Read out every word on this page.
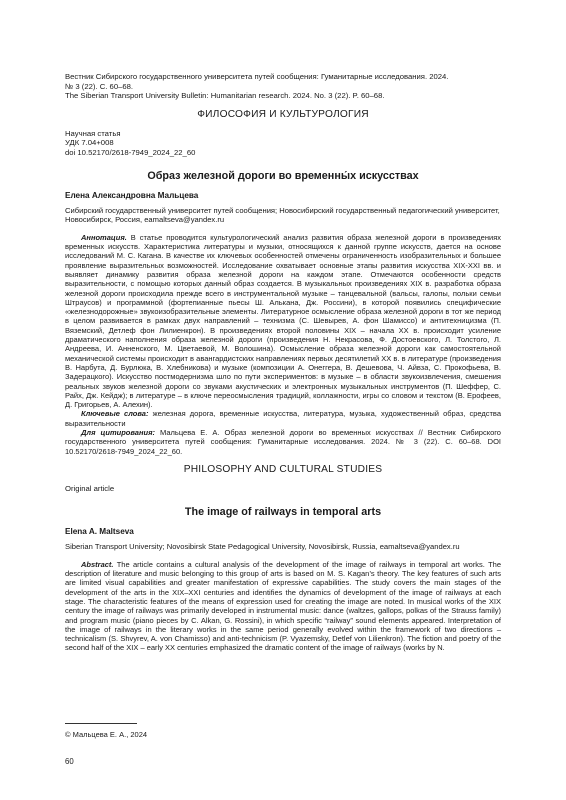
Вестник Сибирского государственного университета путей сообщения: Гуманитарные исследования. 2024.
№ 3 (22). С. 60–68.
The Siberian Transport University Bulletin: Humanitarian research. 2024. No. 3 (22). P. 60–68.
ФИЛОСОФИЯ И КУЛЬТУРОЛОГИЯ
Научная статья
УДК 7.04+008
doi 10.52170/2618-7949_2024_22_60
Образ железной дороги во временны́х искусствах
Елена Александровна Мальцева
Сибирский государственный университет путей сообщения; Новосибирский государственный педагогический университет, Новосибирск, Россия, eamaltseva@yandex.ru
Аннотация. В статье проводится культурологический анализ развития образа железной дороги в произведениях временных искусств. Характеристика литературы и музыки, относящихся к данной группе искусств, дается на основе исследований М. С. Кагана. В качестве их ключевых особенностей отмечены ограниченность изобразительных и большее проявление выразительных возможностей. Исследование охватывает основные этапы развития искусства XIX-XXI вв. и выявляет динамику развития образа железной дороги на каждом этапе. Отмечаются особенности средств выразительности, с помощью которых данный образ создается. В музыкальных произведениях XIX в. разработка образа железной дороги происходила прежде всего в инструментальной музыке – танцевальной (вальсы, галопы, польки семьи Штраусов) и программной (фортепианные пьесы Ш. Алькана, Дж. Россини), в которой появились специфические «железнодорожные» звукоизобразительные элементы. Литературное осмысление образа железной дороги в тот же период в целом развивается в рамках двух направлений – технизма (С. Шевырев, А. фон Шамиссо) и антитехницизма (П. Вяземский, Детлеф фон Лилиенкрон). В произведениях второй половины XIX – начала XX в. происходит усиление драматического наполнения образа железной дороги (произведения Н. Некрасова, Ф. Достоевского, Л. Толстого, Л. Андреева, И. Анненского, М. Цветаевой, М. Волошина). Осмысление образа железной дороги как самостоятельной механической системы происходит в авангардистских направлениях первых десятилетий XX в. в литературе (произведения В. Нарбута, Д. Бурлюка, В. Хлебникова) и музыке (композиции А. Онеггера, В. Дешевова, Ч. Айвза, С. Прокофьева, В. Задерацкого). Искусство постмодернизма шло по пути экспериментов: в музыке – в области звукоизвлечения, смешения реальных звуков железной дороги со звуками акустических и электронных музыкальных инструментов (П. Шеффер, С. Райх, Дж. Кейдж); в литературе – в ключе переосмысления традиций, коллажности, игры со словом и текстом (В. Ерофеев, Д. Григорьев, А. Алехин).
Ключевые слова: железная дорога, временные искусства, литература, музыка, художественный образ, средства выразительности
Для цитирования: Мальцева Е. А. Образ железной дороги во временных искусствах // Вестник Сибирского государственного университета путей сообщения: Гуманитарные исследования. 2024. № 3 (22). С. 60–68. DOI 10.52170/2618-7949_2024_22_60.
PHILOSOPHY AND CULTURAL STUDIES
Original article
The image of railways in temporal arts
Elena A. Maltseva
Siberian Transport University; Novosibirsk State Pedagogical University, Novosibirsk, Russia, eamaltseva@yandex.ru
Abstract. The article contains a cultural analysis of the development of the image of railways in temporal art works. The description of literature and music belonging to this group of arts is based on M. S. Kagan’s theory. The key features of such arts are limited visual capabilities and greater manifestation of expressive capabilities. The study covers the main stages of the development of the arts in the XIX–XXI centuries and identifies the dynamics of development of the image of railways at each stage. The characteristic features of the means of expression used for creating the image are noted. In musical works of the XIX century the image of railways was primarily developed in instrumental music: dance (waltzes, gallops, polkas of the Strauss family) and program music (piano pieces by C. Alkan, G. Rossini), in which specific “railway” sound elements appeared. Interpretation of the image of railways in the literary works in the same period generally evolved within the framework of two directions – technicalism (S. Shvyrev, A. von Chamisso) and anti-technicism (P. Vyazemsky, Detlef von Lilienkron). The fiction and poetry of the second half of the XIX – early XX centuries emphasized the dramatic content of the image of railways (works by N.
© Мальцева Е. А., 2024
60
